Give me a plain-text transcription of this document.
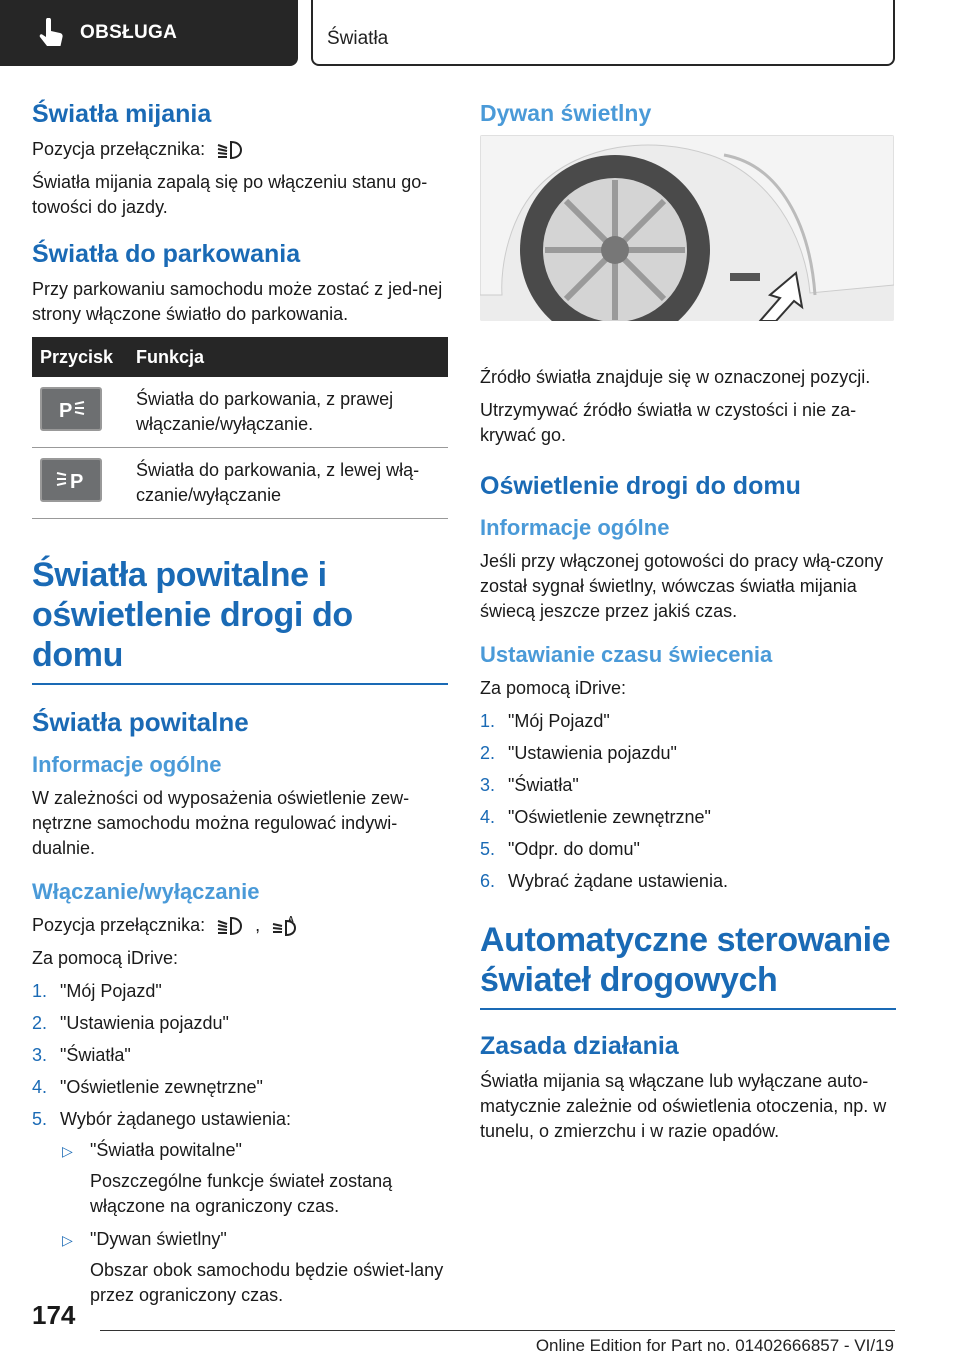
OBSŁUGA	Światła
Światła mijania

Pozycja przełącznika:

Światła mijania zapalą się po włączeniu stanu go-towości do jazdy.

Światła do parkowania

Przy parkowaniu samochodu może zostać z jed-nej strony włączone światło do parkowania.

Przycisk	Funkcja

P	Światła do parkowania, z prawej włączanie/wyłączanie.

P	Światła do parkowania, z lewej włą-czanie/wyłączanie
Światła powitalne i oświetlenie drogi do domu
Światła powitalne
Informacje ogólne

W zależności od wyposażenia oświetlenie zew-nętrzne samochodu można regulować indywi-dualnie.

Włączanie/wyłączanie

Pozycja przełącznika:	,	A

Za pomocą iDrive:

1. "Mój Pojazd"
2. "Ustawienia pojazdu"
3. "Światła"
4. "Oświetlenie zewnętrzne"
5. Wybór żądanego ustawienia:
▷ "Światła powitalne"
Poszczególne funkcje świateł zostaną włączone na ograniczony czas.
▷ "Dywan świetlny"
Obszar obok samochodu będzie oświet-lany przez ograniczony czas.
Dywan świetlny

Źródło światła znajduje się w oznaczonej pozycji.

Utrzymywać źródło światła w czystości i nie za-krywać go.

Oświetlenie drogi do domu
Informacje ogólne

Jeśli przy włączonej gotowości do pracy włą-czony został sygnał świetlny, wówczas światła mijania świecą jeszcze przez jakiś czas.

Ustawianie czasu świecenia

Za pomocą iDrive:

1. "Mój Pojazd"
2. "Ustawienia pojazdu"
3. "Światła"
4. "Oświetlenie zewnętrzne"
5. "Odpr. do domu"
6. Wybrać żądane ustawienia.
Automatyczne sterowanie świateł drogowych
Zasada działania

Światła mijania są włączane lub wyłączane auto-matycznie zależnie od oświetlenia otoczenia, np. w tunelu, o zmierzchu i w razie opadów.

174
Online Edition for Part no. 01402666857 - VI/19
